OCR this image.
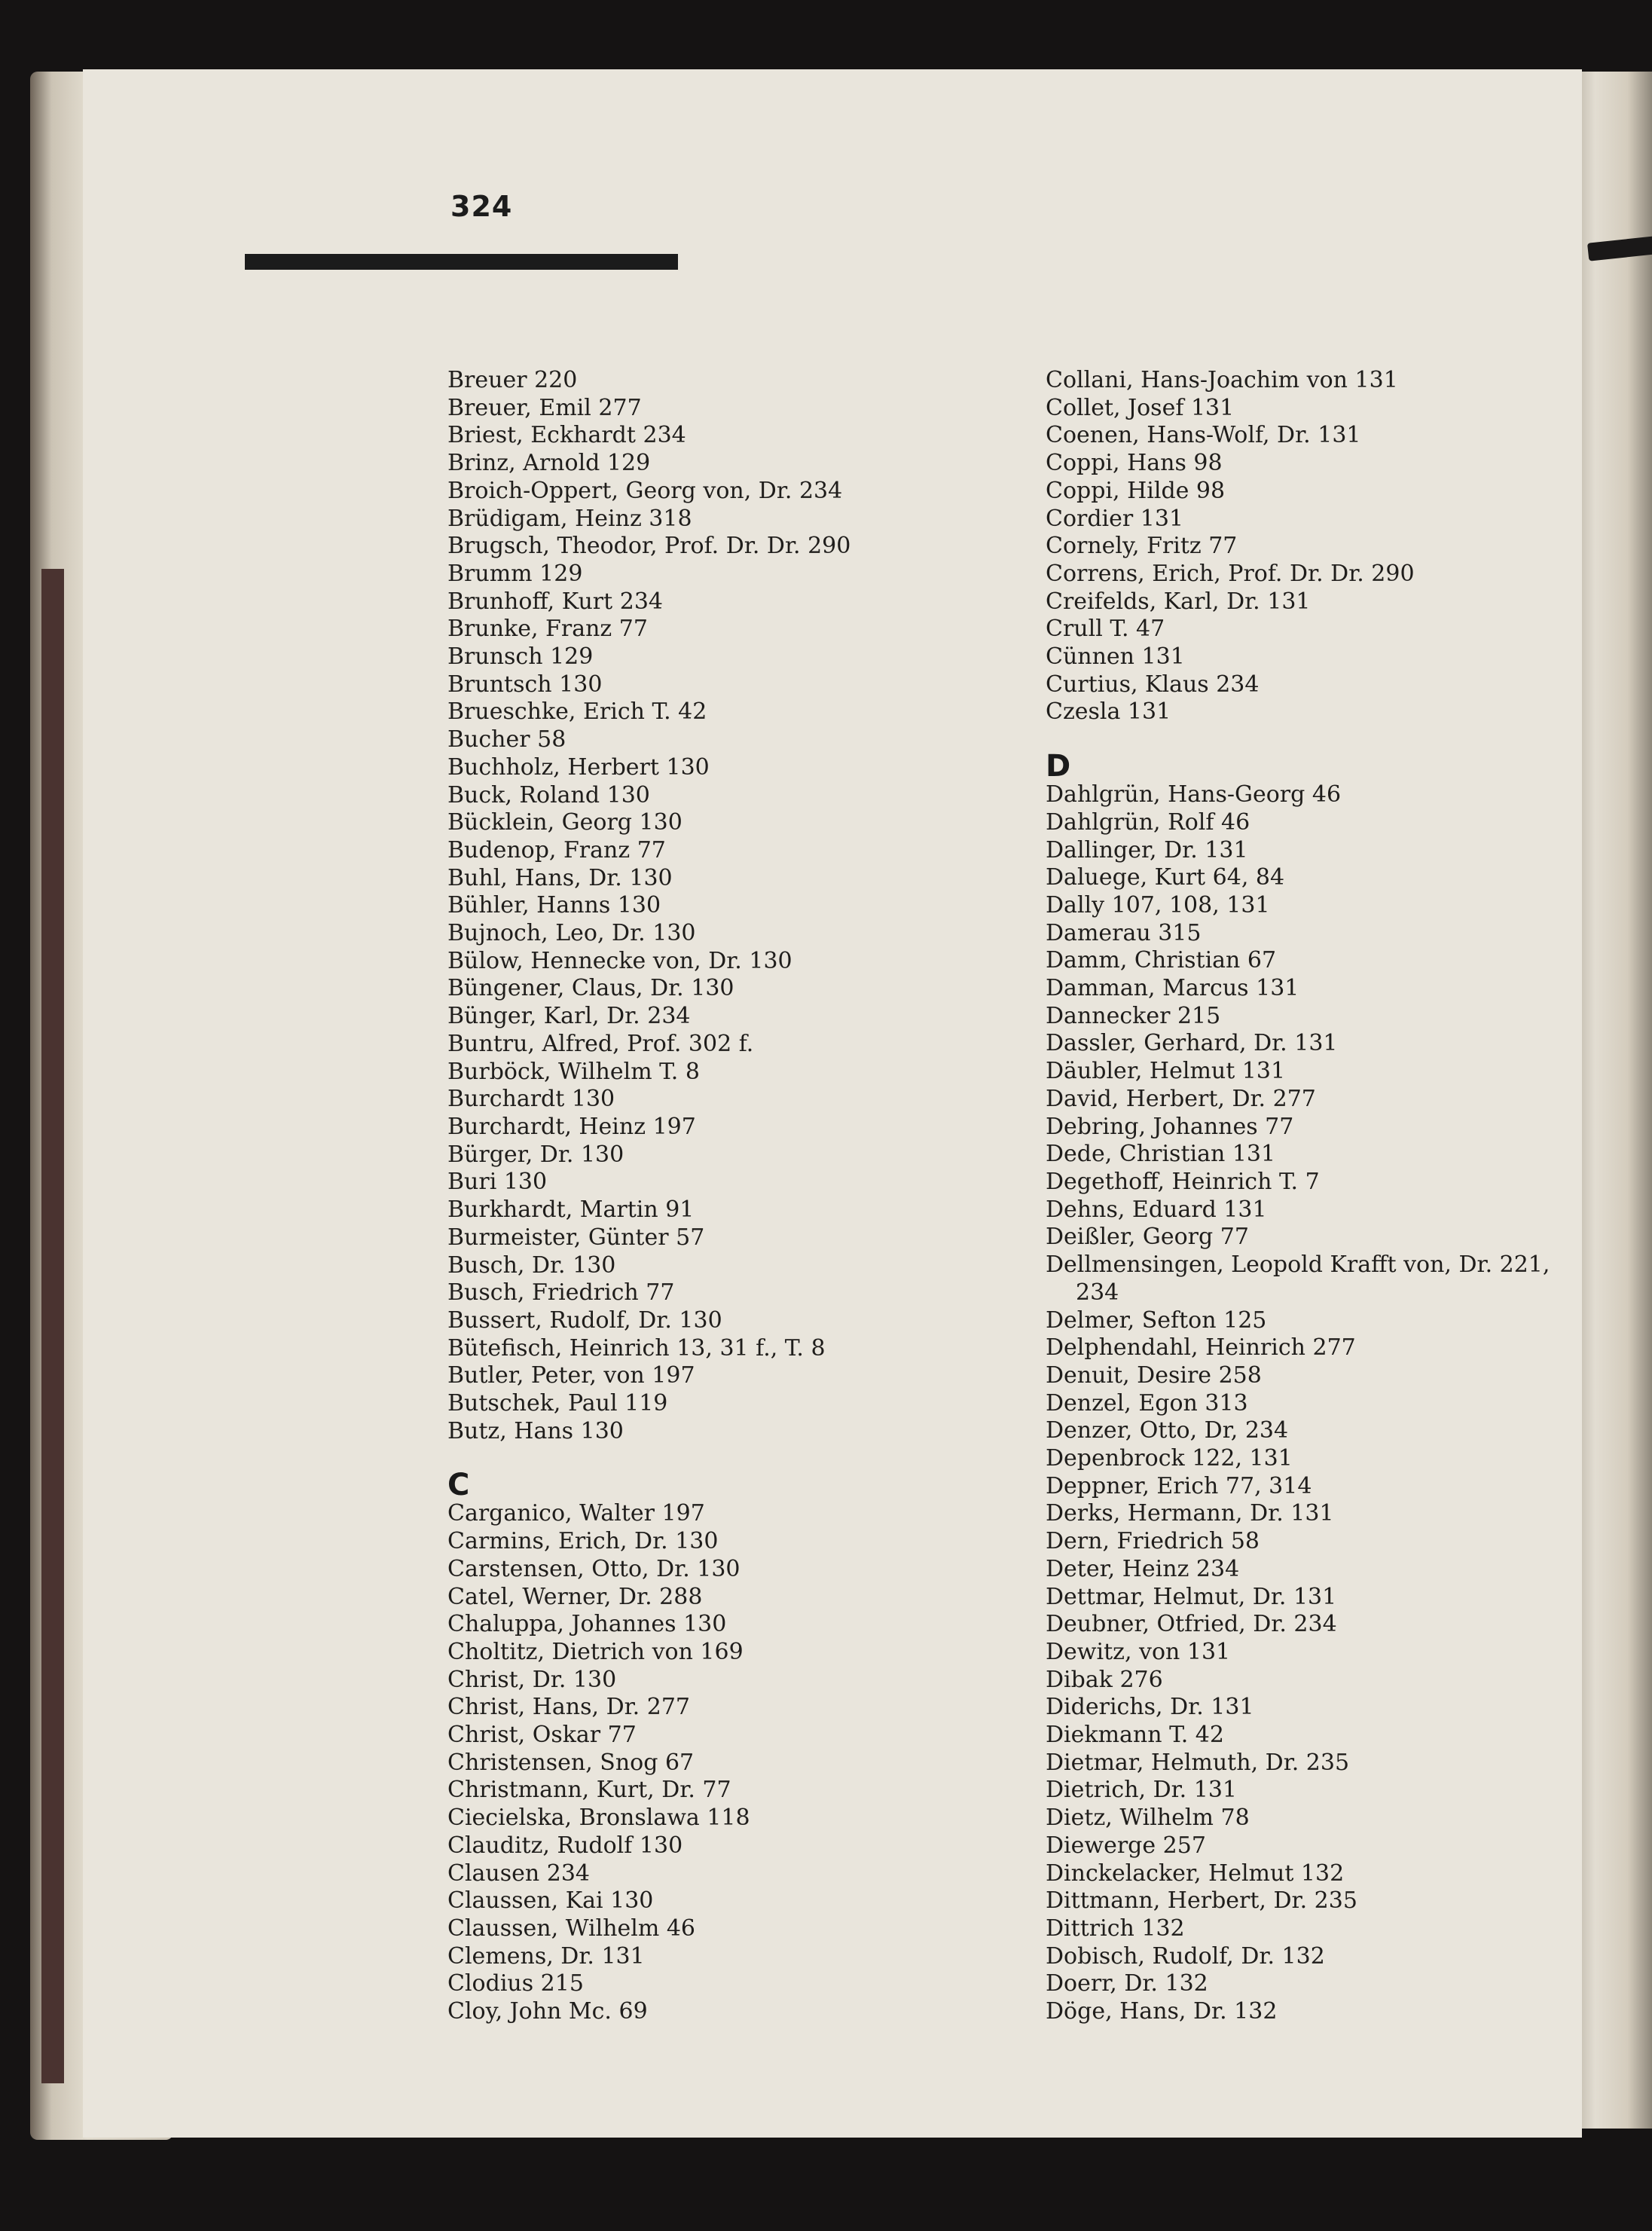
324
Breuer 220
Breuer, Emil 277
Briest, Eckhardt 234
Brinz, Arnold 129
Broich-Oppert, Georg von, Dr. 234
Brüdigam, Heinz 318
Brugsch, Theodor, Prof. Dr. Dr. 290
Brumm 129
Brunhoff, Kurt 234
Brunke, Franz 77
Brunsch 129
Bruntsch 130
Brueschke, Erich T. 42
Bucher 58
Buchholz, Herbert 130
Buck, Roland 130
Bücklein, Georg 130
Budenop, Franz 77
Buhl, Hans, Dr. 130
Bühler, Hanns 130
Bujnoch, Leo, Dr. 130
Bülow, Hennecke von, Dr. 130
Büngener, Claus, Dr. 130
Bünger, Karl, Dr. 234
Buntru, Alfred, Prof. 302 f.
Burböck, Wilhelm T. 8
Burchardt 130
Burchardt, Heinz 197
Bürger, Dr. 130
Buri 130
Burkhardt, Martin 91
Burmeister, Günter 57
Busch, Dr. 130
Busch, Friedrich 77
Bussert, Rudolf, Dr. 130
Bütefisch, Heinrich 13, 31 f., T. 8
Butler, Peter, von 197
Butschek, Paul 119
Butz, Hans 130
C
Carganico, Walter 197
Carmins, Erich, Dr. 130
Carstensen, Otto, Dr. 130
Catel, Werner, Dr. 288
Chaluppa, Johannes 130
Choltitz, Dietrich von 169
Christ, Dr. 130
Christ, Hans, Dr. 277
Christ, Oskar 77
Christensen, Snog 67
Christmann, Kurt, Dr. 77
Ciecielska, Bronslawa 118
Clauditz, Rudolf 130
Clausen 234
Claussen, Kai 130
Claussen, Wilhelm 46
Clemens, Dr. 131
Clodius 215
Cloy, John Mc. 69
Collani, Hans-Joachim von 131
Collet, Josef 131
Coenen, Hans-Wolf, Dr. 131
Coppi, Hans 98
Coppi, Hilde 98
Cordier 131
Cornely, Fritz 77
Correns, Erich, Prof. Dr. Dr. 290
Creifelds, Karl, Dr. 131
Crull T. 47
Cünnen 131
Curtius, Klaus 234
Czesla 131
D
Dahlgrün, Hans-Georg 46
Dahlgrün, Rolf 46
Dallinger, Dr. 131
Daluege, Kurt 64, 84
Dally 107, 108, 131
Damerau 315
Damm, Christian 67
Damman, Marcus 131
Dannecker 215
Dassler, Gerhard, Dr. 131
Däubler, Helmut 131
David, Herbert, Dr. 277
Debring, Johannes 77
Dede, Christian 131
Degethoff, Heinrich T. 7
Dehns, Eduard 131
Deißler, Georg 77
Dellmensingen, Leopold Krafft von, Dr. 221,
234
Delmer, Sefton 125
Delphendahl, Heinrich 277
Denuit, Desire 258
Denzel, Egon 313
Denzer, Otto, Dr, 234
Depenbrock 122, 131
Deppner, Erich 77, 314
Derks, Hermann, Dr. 131
Dern, Friedrich 58
Deter, Heinz 234
Dettmar, Helmut, Dr. 131
Deubner, Otfried, Dr. 234
Dewitz, von 131
Dibak 276
Diderichs, Dr. 131
Diekmann T. 42
Dietmar, Helmuth, Dr. 235
Dietrich, Dr. 131
Dietz, Wilhelm 78
Diewerge 257
Dinckelacker, Helmut 132
Dittmann, Herbert, Dr. 235
Dittrich 132
Dobisch, Rudolf, Dr. 132
Doerr, Dr. 132
Döge, Hans, Dr. 132
